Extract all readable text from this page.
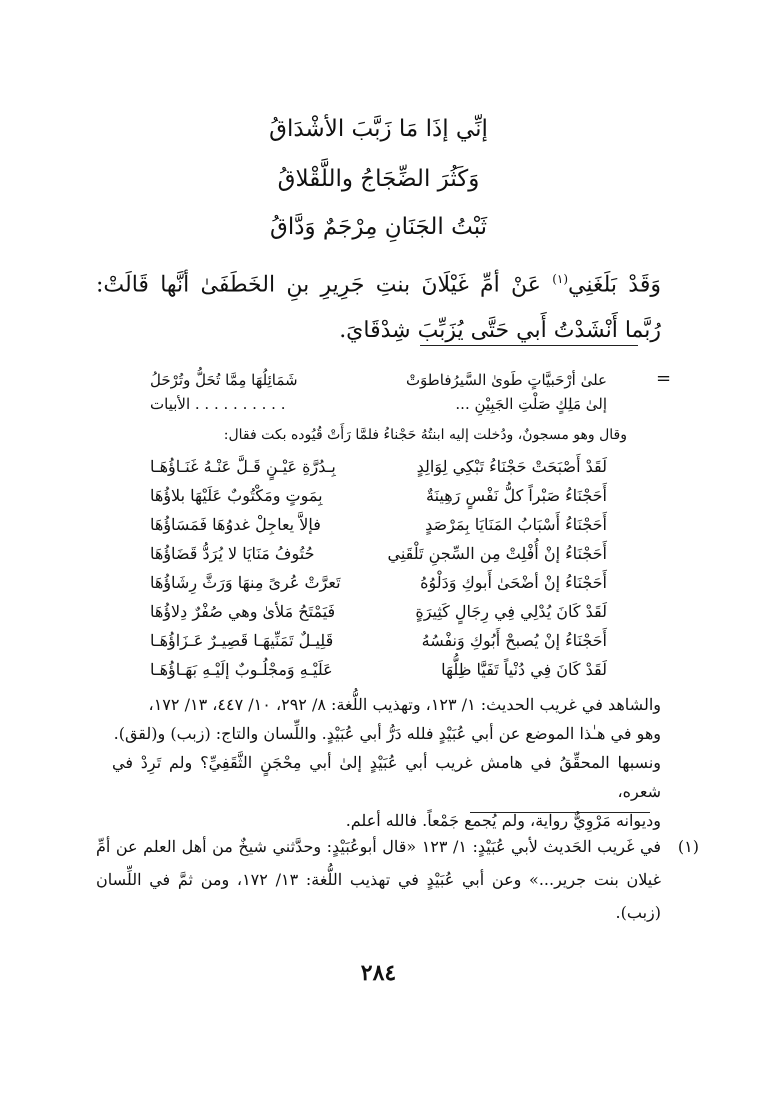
إنِّي إذَا مَا زَبَّبَ الأشْدَاقُ
وَكَثُرَ الضِّجَاجُ واللَّقْلاقُ
ثَبْتُ الجَنَانِ مِرْجَمٌ وَدَّاقُ
وَقَدْ بَلَغَنِي$^{(١)}$ عَنْ أمِّ غَيْلَانَ بنتِ جَرِيرِ بنِ الخَطَفَىٰ أنَّها قَالَتْ: رُبَّما أَنْشَدْتُ أَبي حَتَّى يُزَبِّبَ شِدْقَايَ.
=
علىٰ أرْحَبيَّاتٍ طَوىٰ السَّيرُفاطوَتْ
شَمَائِلُهَا مِمَّا تُحَلُّ وتُرْحَلُ
إلىٰ مَلِكٍ صَلْتِ الجَبِيْنِ ...
. . . . . . . . . . الأبيات
وقال وهو مسجونٌ، ودُخلت إليه ابنتُهُ حَجْناءُ فلمَّا رَأَتْ قُيُوده بكت فقال:
لَقَدْ أَصْبَحَتْ حَجْنَاءُ تَبْكِي لِوَالِدٍ
بِـدُرَّةِ عَيْـنٍ قَـلَّ عَنْـهُ غَنَـاؤُهَـا
أَحَجْنَاءُ صَبْراً كلُّ نَفْسٍ رَهِينَةٌ
بِمَوتٍ ومَكْتُوبٌ عَلَيْهَا بلاؤُهَا
أَحَجْنَاءُ أَسْبَابُ المَنَايَا بِمَرْصَدٍ
فإلاَّ يعاجِلْ غدوُهَا فَمَسَاؤُهَا
أَحَجْنَاءُ إنْ أُفْلِتْ مِن السِّجنِ تَلْقَنِي
حُتُوفُ مَنَايَا لا يُرَدُّ قَضَاؤُهَا
أَحَجْنَاءُ إنْ أضْحَىٰ أَبوكِ وَدَلْوُهُ
تَعرَّتْ عُرىً مِنهَا وَرَثَّ رِشَاؤُهَا
لَقَدْ كَانَ يُدْلِي فِي رِجَالٍ كَثِيرَةٍ
فَيَمْتَحُ مَلأىٰ وهي صُفْرٌ دِلاؤُهَا
أَحَجْنَاءُ إنْ يُصبحْ أَبُوكِ وَنفْسُهُ
قَلِيـلٌ تَمَنِّيهَـا قَصِيـرٌ عَـزَاؤُهَـا
لَقَدْ كَانَ فِي دُنْياً تَفَيَّا ظِلُّهَا
عَلَيْـهِ وَمجْلُـوبٌ إلَيْـهِ بَهَـاؤُهَـا

والشاهد في غريب الحديث: ١/ ١٢٣، وتهذيب اللُّغة: ٨/ ٢٩٢، ١٠/ ٤٤٧، ١٣/ ١٧٢،

وهو في هـٰذا الموضع عن أبي عُبَيْدٍ فلله دَرُّ أبي عُبَيْدٍ. واللِّسان والتاج: (زبب) و(لقق).

ونسبها المحقِّقُ في هامش غريب أبي عُبَيْدٍ إلىٰ أبي مِحْجَنٍ الثَّقَفِيِّ؟ ولم تَرِدْ في شعره،

وديوانه مَرْوِيٌّ رواية، ولم يُجمع جَمْعاً. فالله أعلم.

(١)
في غَريب الحَديث لأبي عُبَيْدٍ: ١/ ١٢٣ «قال أبوعُبَيْدٍ: وحدَّثني شيخٌ من أهل العلم عن أمِّ غيلان بنت جرير...» وعن أبي عُبَيْدٍ في تهذيب اللُّغة: ١٣/ ١٧٢، ومن ثمَّ في اللِّسان (زبب).
٢٨٤
